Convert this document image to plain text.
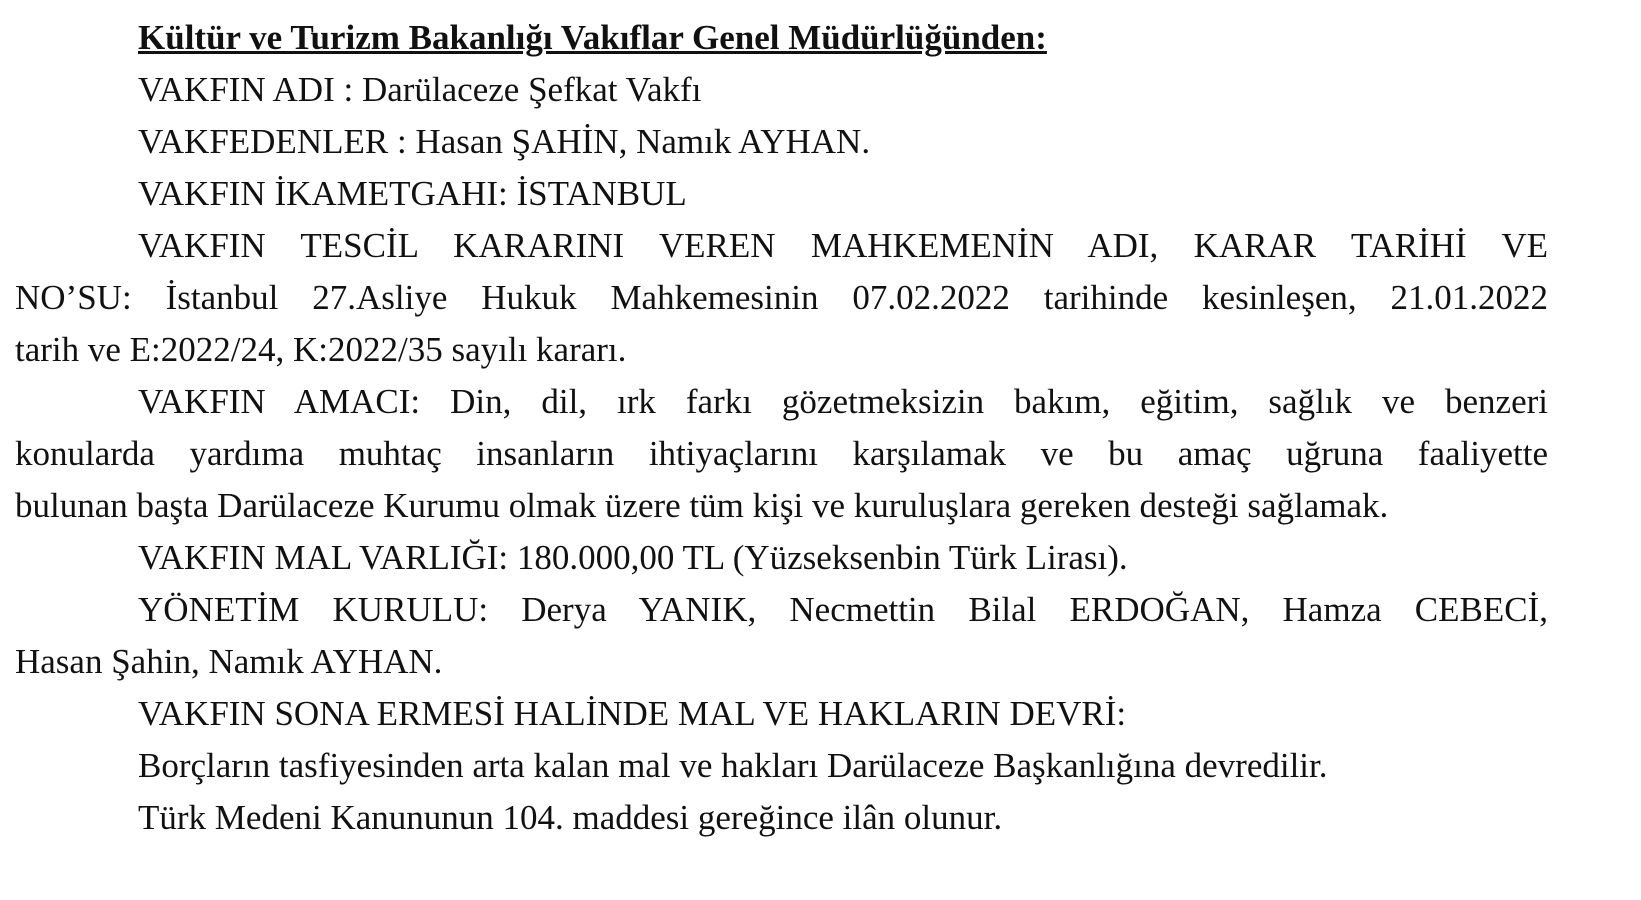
Kültür ve Turizm Bakanlığı Vakıflar Genel Müdürlüğünden:
VAKFIN ADI : Darülaceze Şefkat Vakfı
VAKFEDENLER : Hasan ŞAHİN, Namık AYHAN.
VAKFIN İKAMETGAHI: İSTANBUL
VAKFIN TESCİL KARARINI VEREN MAHKEMENİN ADI, KARAR TARİHİ VE
NO’SU: İstanbul 27.Asliye Hukuk Mahkemesinin 07.02.2022 tarihinde kesinleşen, 21.01.2022
tarih ve E:2022/24, K:2022/35 sayılı kararı.
VAKFIN AMACI: Din, dil, ırk farkı gözetmeksizin bakım, eğitim, sağlık ve benzeri
konularda yardıma muhtaç insanların ihtiyaçlarını karşılamak ve bu amaç uğruna faaliyette
bulunan başta Darülaceze Kurumu olmak üzere tüm kişi ve kuruluşlara gereken desteği sağlamak.
VAKFIN MAL VARLIĞI: 180.000,00 TL (Yüzseksenbin Türk Lirası).
YÖNETİM KURULU: Derya YANIK, Necmettin Bilal ERDOĞAN, Hamza CEBECİ,
Hasan Şahin, Namık AYHAN.
VAKFIN SONA ERMESİ HALİNDE MAL VE HAKLARIN DEVRİ:
Borçların tasfiyesinden arta kalan mal ve hakları Darülaceze Başkanlığına devredilir.
Türk Medeni Kanununun 104. maddesi gereğince ilân olunur.
